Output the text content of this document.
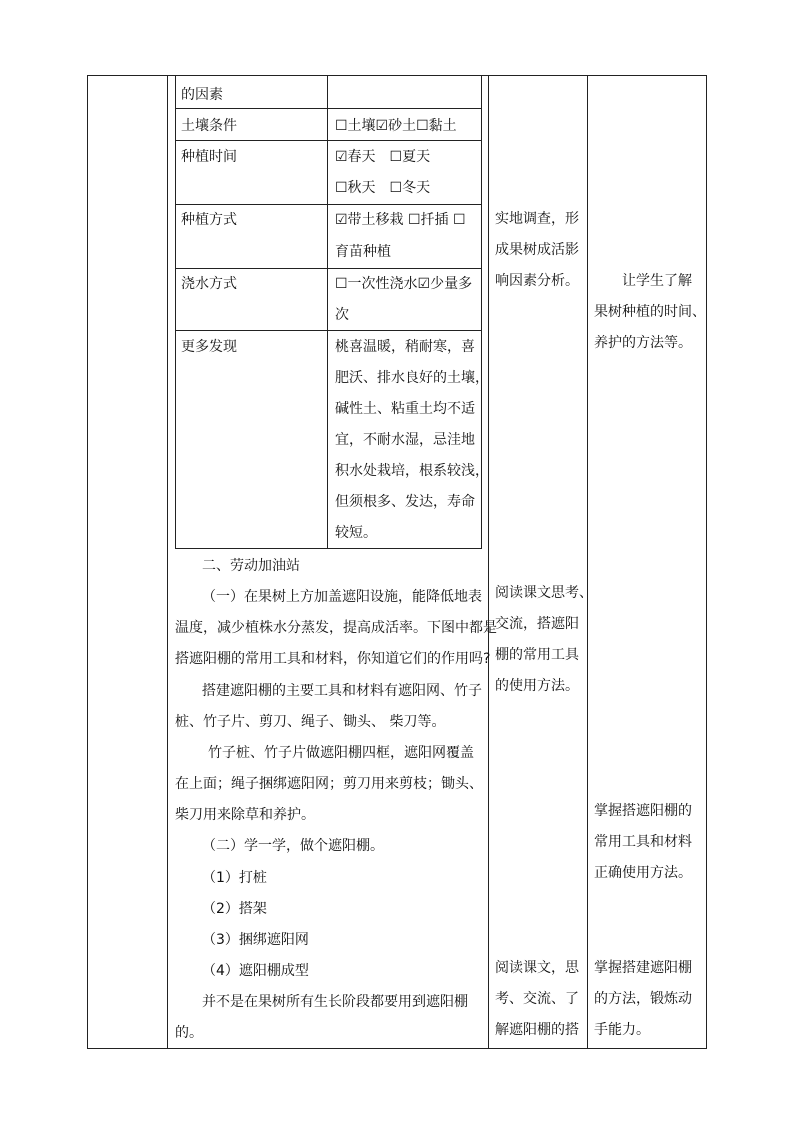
的因素
土壤条件
种植时间
种植方式
浇水方式
更多发现
☐土壤☑砂土☐黏土
☑春天　☐夏天
☐秋天　☐冬天
☑带土移栽 ☐扦插 ☐
育苗种植
☐一次性浇水☑少量多
次
桃喜温暖，稍耐寒，喜
肥沃、排水良好的土壤，
碱性土、粘重土均不适
宜，不耐水湿，忌洼地
积水处栽培，根系较浅，
但须根多、发达，寿命
较短。
二、劳动加油站
（一）在果树上方加盖遮阳设施，能降低地表
温度，减少植株水分蒸发，提高成活率。下图中都是
搭遮阳棚的常用工具和材料，你知道它们的作用吗?
搭建遮阳棚的主要工具和材料有遮阳网、竹子
桩、竹子片、剪刀、绳子、锄头、 柴刀等。
竹子桩、竹子片做遮阳棚四框，遮阳网覆盖
在上面；绳子捆绑遮阳网；剪刀用来剪枝；锄头、
柴刀用来除草和养护。
（二）学一学，做个遮阳棚。
（1）打桩
（2）搭架
（3）捆绑遮阳网
（4）遮阳棚成型
并不是在果树所有生长阶段都要用到遮阳棚
的。
实地调查，形
成果树成活影
响因素分析。
阅读课文思考、
交流，搭遮阳
棚的常用工具
的使用方法。
阅读课文，思
考、交流、了
解遮阳棚的搭
让学生了解
果树种植的时间、
养护的方法等。
掌握搭遮阳棚的
常用工具和材料
正确使用方法。
掌握搭建遮阳棚
的方法，锻炼动
手能力。
